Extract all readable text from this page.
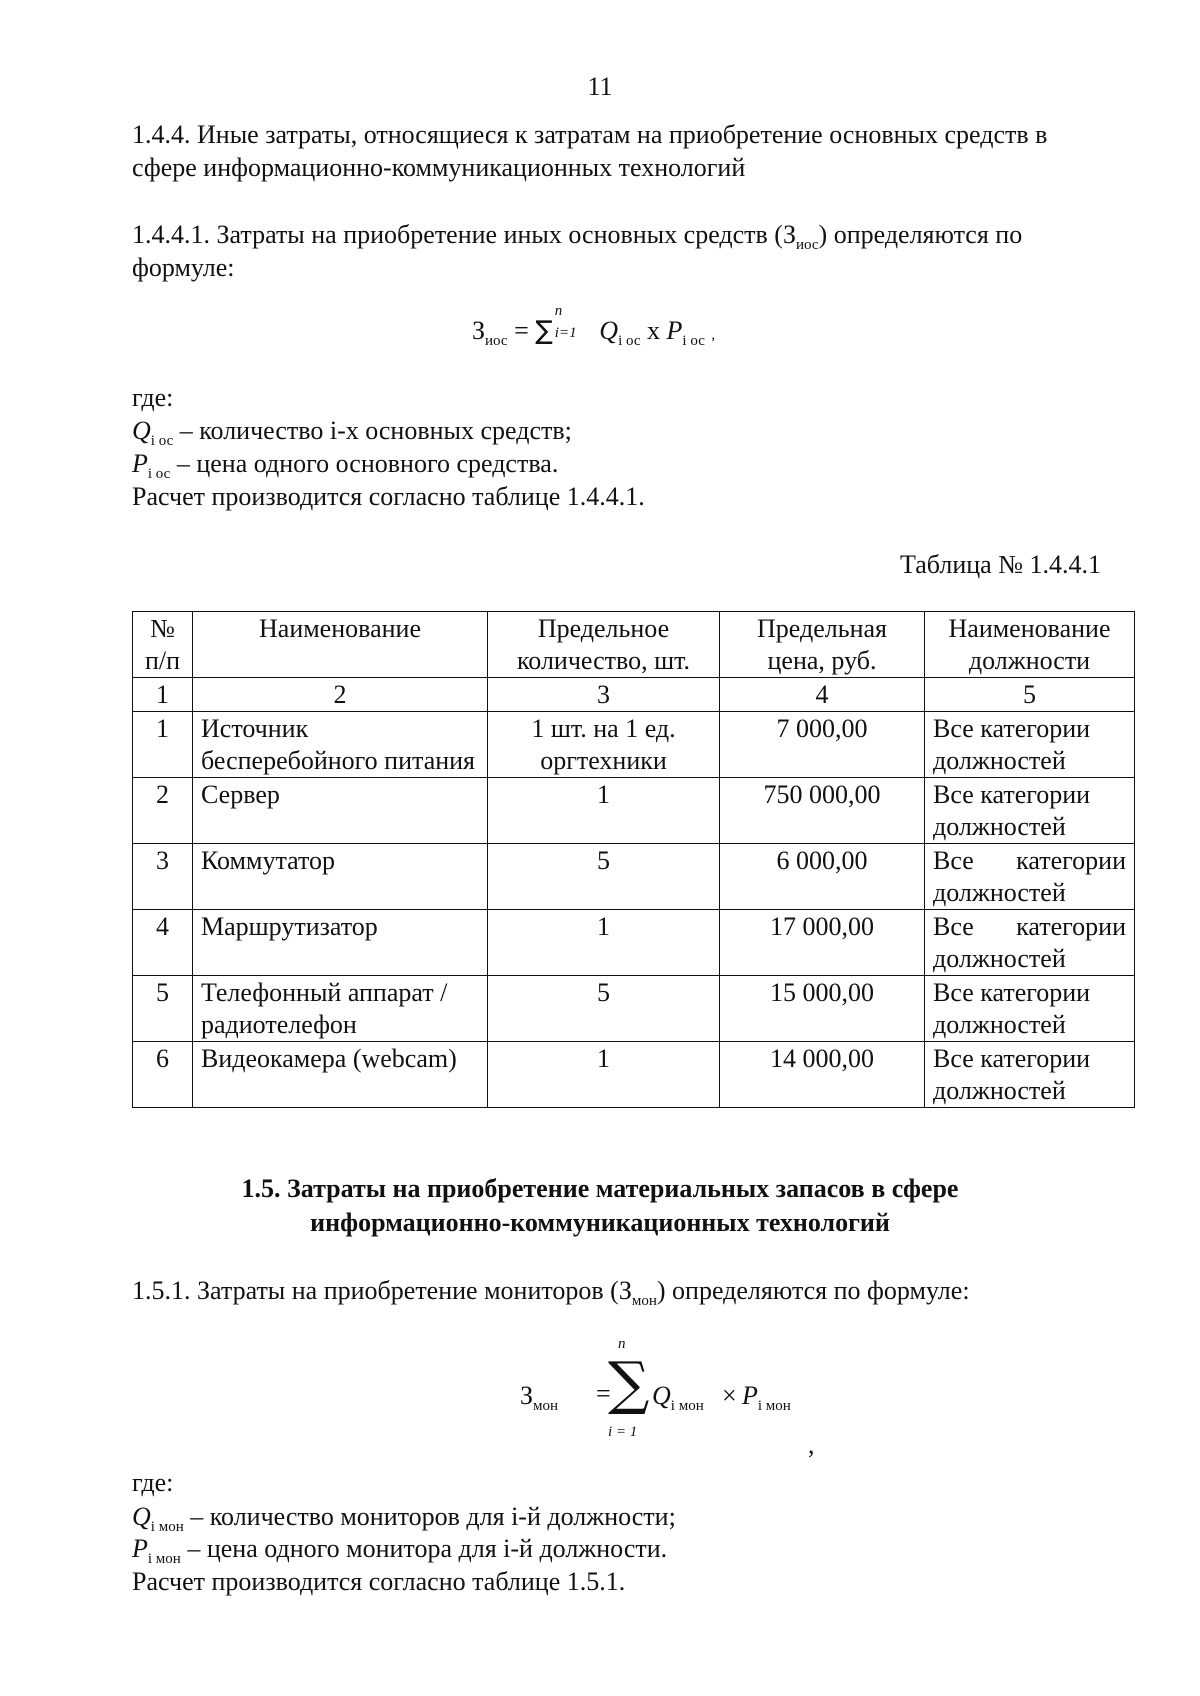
11
1.4.4. Иные затраты, относящиеся к затратам на приобретение основных средств в
сфере информационно-коммуникационных технологий
1.4.4.1. Затраты на приобретение иных основных средств $(З_{иос})$ определяются по
формуле:
$З_{иос}$ = ∑
n
i=1 $Q_{i ос}$ x $P_{i ос}$ ,
где:
$Q_{i ос}$ – количество i-х основных средств;
$P_{i ос}$ – цена одного основного средства.
Расчет производится согласно таблице 1.4.4.1.
Таблица № 1.4.4.1
№ п/п	Наименование	Предельное количество, шт.	Предельная цена, руб.	Наименование должности
1	2	3	4	5
1	Источник бесперебойного питания	1 шт. на 1 ед. оргтехники	7 000,00	Все категории должностей
2	Сервер	1	750 000,00	Все категории должностей
3	Коммутатор	5	6 000,00	Все категории должностей
4	Маршрутизатор	1	17 000,00	Все категории должностей
5	Телефонный аппарат / радиотелефон	5	15 000,00	Все категории должностей
6	Видеокамера (webcam)	1	14 000,00	Все категории должностей
1.5. Затраты на приобретение материальных запасов в сфере
информационно-коммуникационных технологий
1.5.1. Затраты на приобретение мониторов $(З_{мон})$ определяются по формуле:
$З_{мон}$ =
n
∑
i = 1
$Q_{i мон} \times P_{i мон}$
,
где:
$Q_{i мон}$ – количество мониторов для i-й должности;
$P_{i мон}$ – цена одного монитора для i-й должности.
Расчет производится согласно таблице 1.5.1.
